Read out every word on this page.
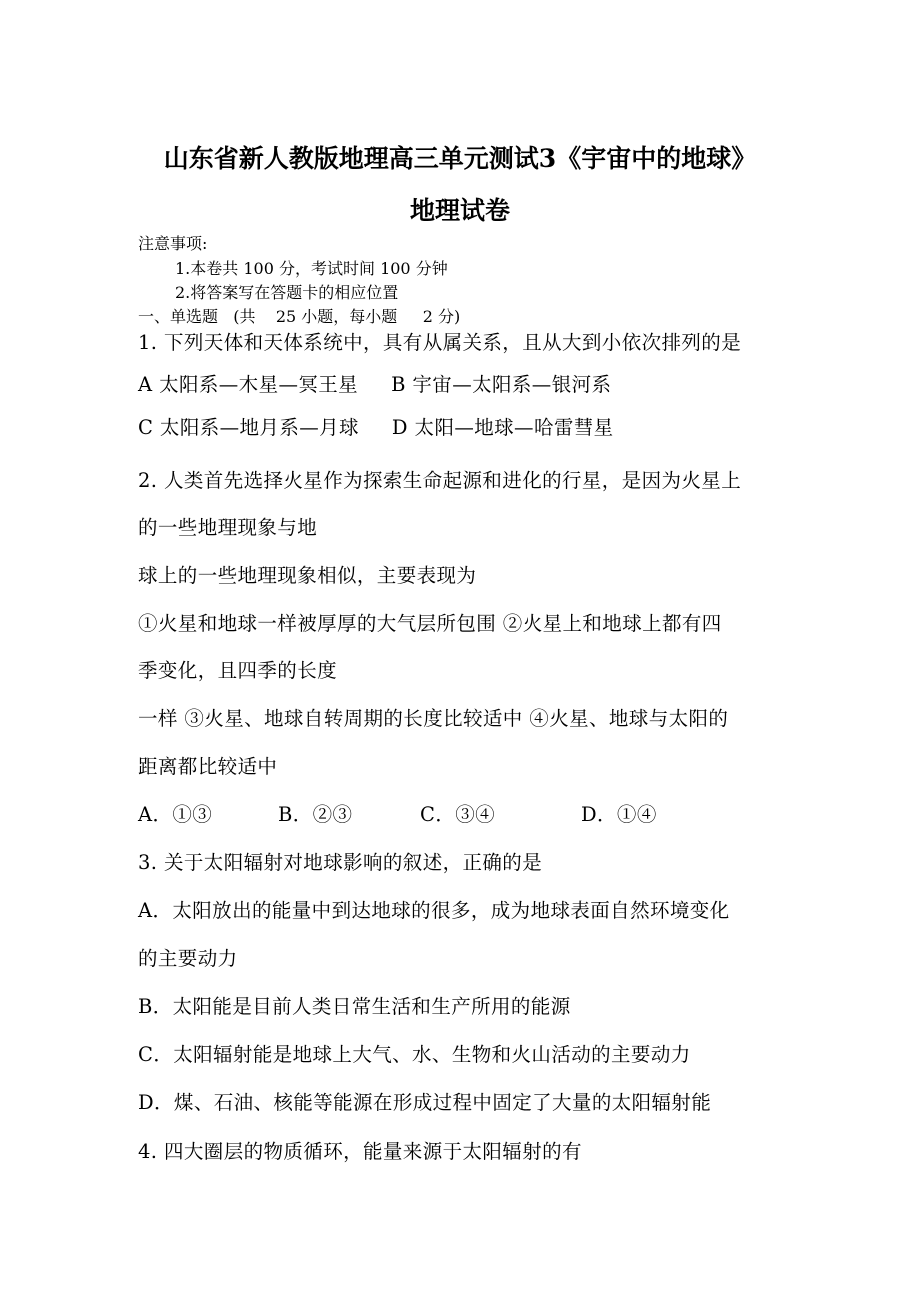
山东省新人教版地理高三单元测试3《宇宙中的地球》
地理试卷
注意事项:
1.本卷共 100 分，考试时间 100 分钟
2.将答案写在答题卡的相应位置
一、单选题   (共    25 小题，每小题     2 分)
1. 下列天体和天体系统中，具有从属关系，且从大到小依次排列的是
A 太阳系—木星—冥王星     B 宇宙—太阳系—银河系
C 太阳系—地月系—月球     D 太阳—地球—哈雷彗星
2. 人类首先选择火星作为探索生命起源和进化的行星，是因为火星上
的一些地理现象与地
球上的一些地理现象相似，主要表现为
①火星和地球一样被厚厚的大气层所包围 ②火星上和地球上都有四
季变化，且四季的长度
一样 ③火星、地球自转周期的长度比较适中 ④火星、地球与太阳的
距离都比较适中

A．①③

	B．②③

	C．③④

	D．①④

3. 关于太阳辐射对地球影响的叙述，正确的是
A．太阳放出的能量中到达地球的很多，成为地球表面自然环境变化
的主要动力
B．太阳能是目前人类日常生活和生产所用的能源
C．太阳辐射能是地球上大气、水、生物和火山活动的主要动力
D．煤、石油、核能等能源在形成过程中固定了大量的太阳辐射能
4. 四大圈层的物质循环，能量来源于太阳辐射的有
